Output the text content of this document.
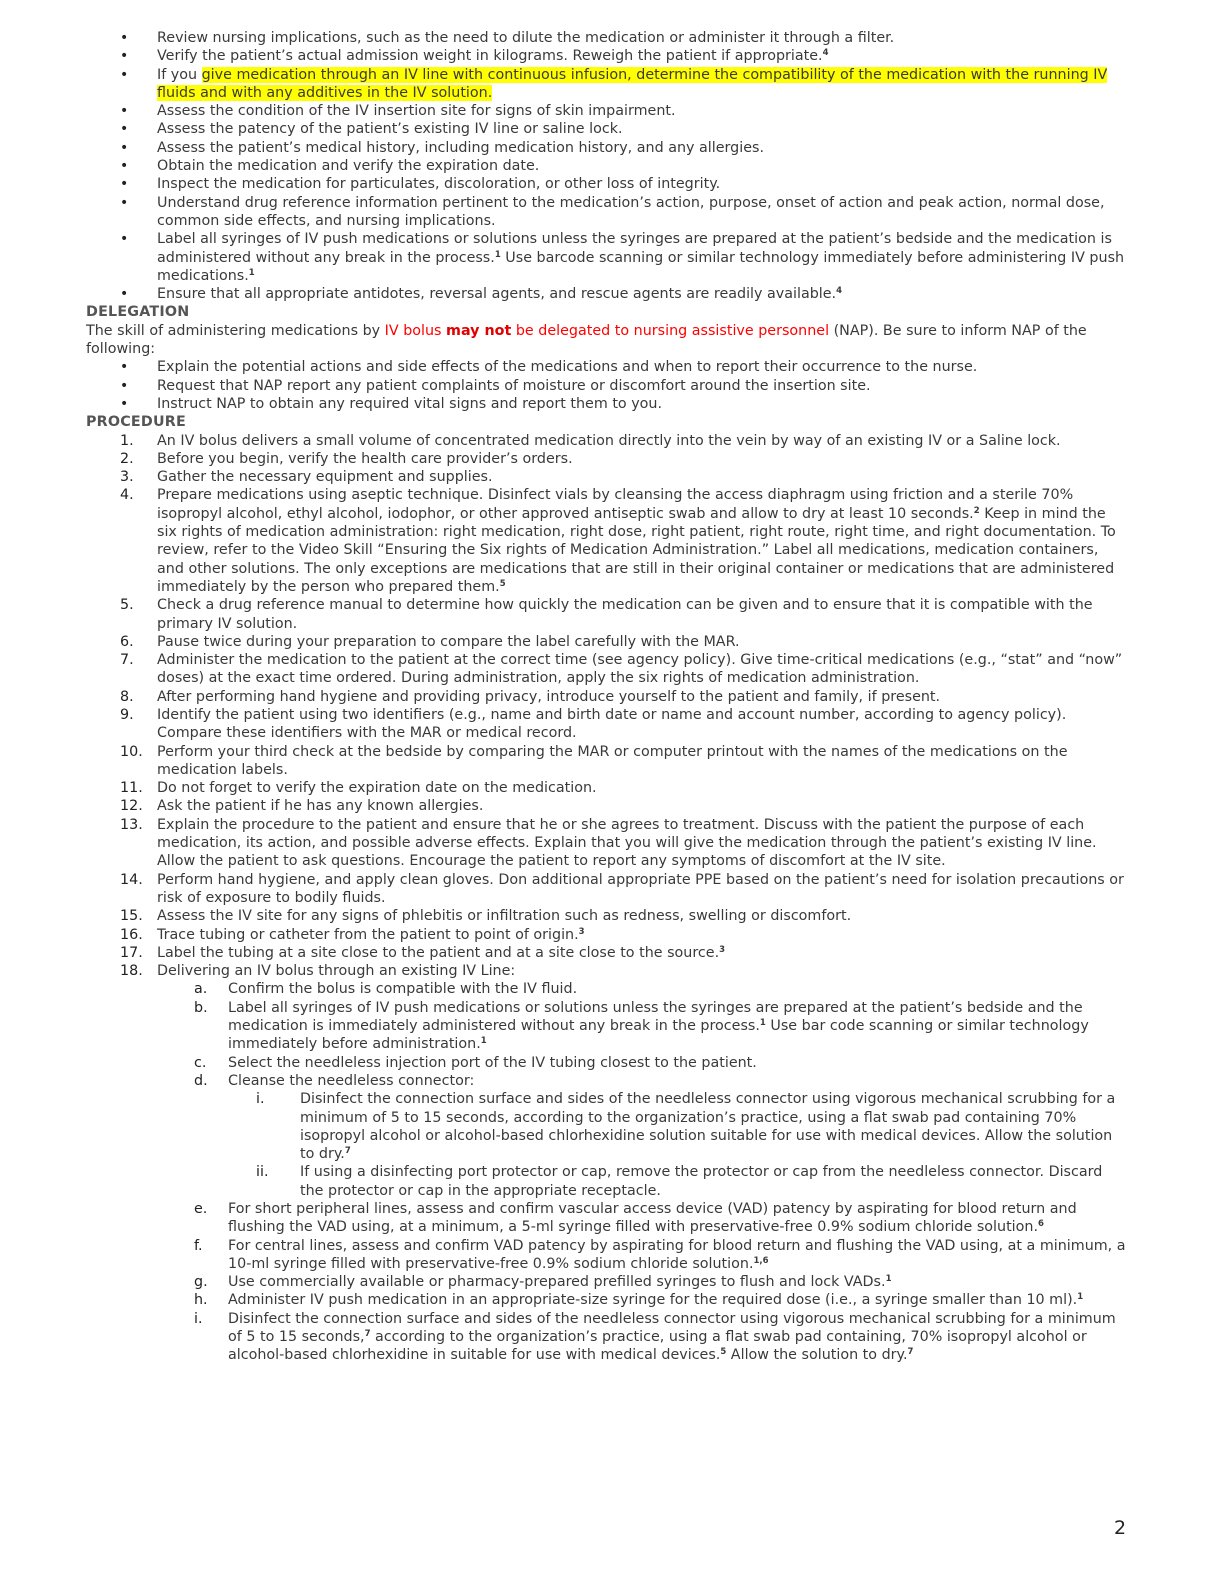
• Review nursing implications, such as the need to dilute the medication or administer it through a filter.
• Verify the patient’s actual admission weight in kilograms. Reweigh the patient if appropriate.$^4$
• If you give medication through an IV line with continuous infusion, determine the compatibility of the medication with the running IV fluids and with any additives in the IV solution.
• Assess the condition of the IV insertion site for signs of skin impairment.
• Assess the patency of the patient’s existing IV line or saline lock.
• Assess the patient’s medical history, including medication history, and any allergies.
• Obtain the medication and verify the expiration date.
• Inspect the medication for particulates, discoloration, or other loss of integrity.
• Understand drug reference information pertinent to the medication’s action, purpose, onset of action and peak action, normal dose, common side effects, and nursing implications.
• Label all syringes of IV push medications or solutions unless the syringes are prepared at the patient’s bedside and the medication is administered without any break in the process.$^1$ Use barcode scanning or similar technology immediately before administering IV push medications.$^1$
• Ensure that all appropriate antidotes, reversal agents, and rescue agents are readily available.$^4$
DELEGATION
The skill of administering medications by IV bolus may not be delegated to nursing assistive personnel (NAP). Be sure to inform NAP of the following:
• Explain the potential actions and side effects of the medications and when to report their occurrence to the nurse.
• Request that NAP report any patient complaints of moisture or discomfort around the insertion site.
• Instruct NAP to obtain any required vital signs and report them to you.
PROCEDURE
1. An IV bolus delivers a small volume of concentrated medication directly into the vein by way of an existing IV or a Saline lock.
2. Before you begin, verify the health care provider’s orders.
3. Gather the necessary equipment and supplies.
4. Prepare medications using aseptic technique. Disinfect vials by cleansing the access diaphragm using friction and a sterile 70% isopropyl alcohol, ethyl alcohol, iodophor, or other approved antiseptic swab and allow to dry at least 10 seconds.$^2$ Keep in mind the six rights of medication administration: right medication, right dose, right patient, right route, right time, and right documentation. To review, refer to the Video Skill “Ensuring the Six rights of Medication Administration.” Label all medications, medication containers, and other solutions. The only exceptions are medications that are still in their original container or medications that are administered immediately by the person who prepared them.$^5$
5. Check a drug reference manual to determine how quickly the medication can be given and to ensure that it is compatible with the primary IV solution.
6. Pause twice during your preparation to compare the label carefully with the MAR.
7. Administer the medication to the patient at the correct time (see agency policy). Give time-critical medications (e.g., “stat” and “now” doses) at the exact time ordered. During administration, apply the six rights of medication administration.
8. After performing hand hygiene and providing privacy, introduce yourself to the patient and family, if present.
9. Identify the patient using two identifiers (e.g., name and birth date or name and account number, according to agency policy). Compare these identifiers with the MAR or medical record.
10. Perform your third check at the bedside by comparing the MAR or computer printout with the names of the medications on the medication labels.
11. Do not forget to verify the expiration date on the medication.
12. Ask the patient if he has any known allergies.
13. Explain the procedure to the patient and ensure that he or she agrees to treatment. Discuss with the patient the purpose of each medication, its action, and possible adverse effects. Explain that you will give the medication through the patient’s existing IV line. Allow the patient to ask questions. Encourage the patient to report any symptoms of discomfort at the IV site.
14. Perform hand hygiene, and apply clean gloves. Don additional appropriate PPE based on the patient’s need for isolation precautions or risk of exposure to bodily fluids.
15. Assess the IV site for any signs of phlebitis or infiltration such as redness, swelling or discomfort.
16. Trace tubing or catheter from the patient to point of origin.$^3$
17. Label the tubing at a site close to the patient and at a site close to the source.$^3$
18. Delivering an IV bolus through an existing IV Line:
a. Confirm the bolus is compatible with the IV fluid.
b. Label all syringes of IV push medications or solutions unless the syringes are prepared at the patient’s bedside and the medication is immediately administered without any break in the process.$^1$ Use bar code scanning or similar technology immediately before administration.$^1$
c. Select the needleless injection port of the IV tubing closest to the patient.
d. Cleanse the needleless connector:
i. Disinfect the connection surface and sides of the needleless connector using vigorous mechanical scrubbing for a minimum of 5 to 15 seconds, according to the organization’s practice, using a flat swab pad containing 70% isopropyl alcohol or alcohol-based chlorhexidine solution suitable for use with medical devices. Allow the solution to dry.$^7$
ii. If using a disinfecting port protector or cap, remove the protector or cap from the needleless connector. Discard the protector or cap in the appropriate receptacle.
e. For short peripheral lines, assess and confirm vascular access device (VAD) patency by aspirating for blood return and flushing the VAD using, at a minimum, a 5-ml syringe filled with preservative-free 0.9% sodium chloride solution.$^6$
f. For central lines, assess and confirm VAD patency by aspirating for blood return and flushing the VAD using, at a minimum, a 10-ml syringe filled with preservative-free 0.9% sodium chloride solution.$^{1,6}$
g. Use commercially available or pharmacy-prepared prefilled syringes to flush and lock VADs.$^1$
h. Administer IV push medication in an appropriate-size syringe for the required dose (i.e., a syringe smaller than 10 ml).$^1$
i. Disinfect the connection surface and sides of the needleless connector using vigorous mechanical scrubbing for a minimum of 5 to 15 seconds,$^7$ according to the organization’s practice, using a flat swab pad containing, 70% isopropyl alcohol or alcohol-based chlorhexidine in suitable for use with medical devices.$^5$ Allow the solution to dry.$^7$
2
